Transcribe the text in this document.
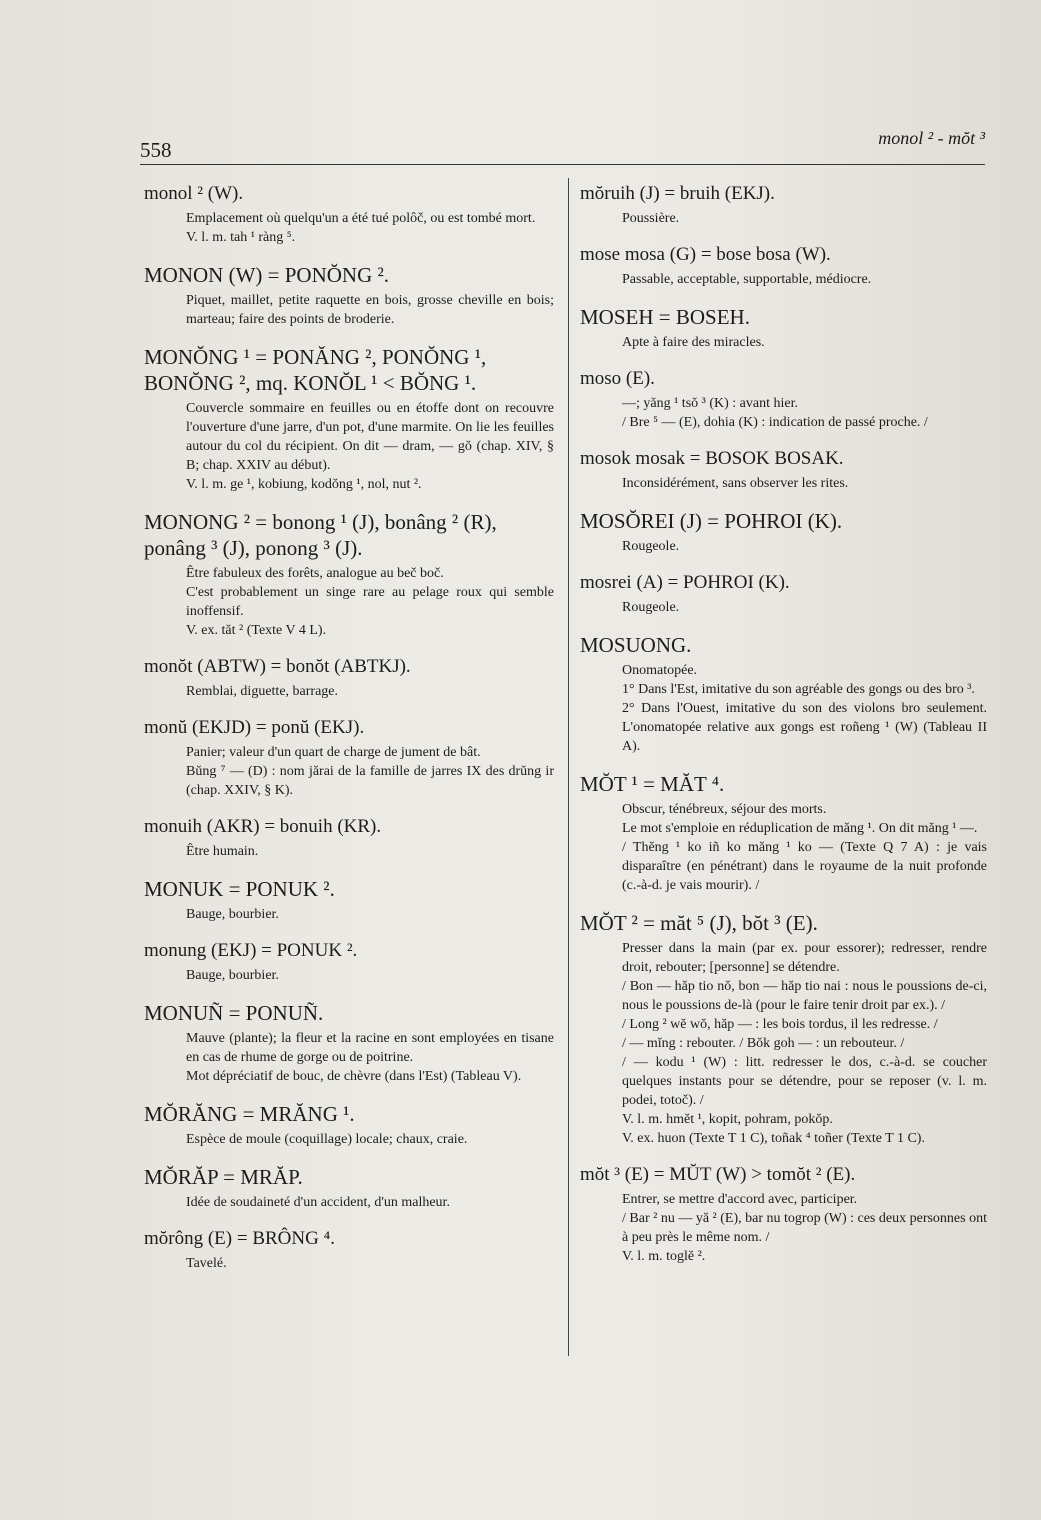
558	monol ² - mŏt ³
monol ² (W).

Emplacement où quelqu'un a été tué polôč, ou est tombé mort.

V. l. m. tah ¹ ràng ⁵.

MONON (W) = PONŎNG ².

Piquet, maillet, petite raquette en bois, grosse cheville en bois; marteau; faire des points de broderie.

MONŎNG ¹ = PONĂNG ², PONŎNG ¹, BONŎNG ², mq. KONŎL ¹ < BŎNG ¹.

Couvercle sommaire en feuilles ou en étoffe dont on recouvre l'ouverture d'une jarre, d'un pot, d'une marmite. On lie les feuilles autour du col du récipient. On dit — dram, — gŏ (chap. XIV, § B; chap. XXIV au début).

V. l. m. ge ¹, kobiung, kodŏng ¹, nol, nut ².

MONONG ² = bonong ¹ (J), bonâng ² (R), ponâng ³ (J), ponong ³ (J).

Être fabuleux des forêts, analogue au beč boč.

C'est probablement un singe rare au pelage roux qui semble inoffensif.

V. ex. tăt ² (Texte V 4 L).

monŏt (ABTW) = bonŏt (ABTKJ).

Remblai, diguette, barrage.

monŭ (EKJD) = ponŭ (EKJ).

Panier; valeur d'un quart de charge de jument de bât.

Bŭng ⁷ — (D) : nom jărai de la famille de jarres IX des drŭng ir (chap. XXIV, § K).

monuih (AKR) = bonuih (KR).

Être humain.

MONUK = PONUK ².

Bauge, bourbier.

monung (EKJ) = PONUK ².

Bauge, bourbier.

MONUÑ = PONUÑ.

Mauve (plante); la fleur et la racine en sont employées en tisane en cas de rhume de gorge ou de poitrine.

Mot dépréciatif de bouc, de chèvre (dans l'Est) (Tableau V).

MŎRĂNG = MRĂNG ¹.

Espèce de moule (coquillage) locale; chaux, craie.

MŎRĂP = MRĂP.

Idée de soudaineté d'un accident, d'un malheur.

mŏrông (E) = BRÔNG ⁴.

Tavelé.

mŏruih (J) = bruih (EKJ).

Poussière.

mose mosa (G) = bose bosa (W).

Passable, acceptable, supportable, médiocre.

MOSEH = BOSEH.

Apte à faire des miracles.

moso (E).

—; yăng ¹ tsŏ ³ (K) : avant hier.

/ Bre ⁵ — (E), dohia (K) : indication de passé proche. /

mosok mosak = BOSOK BOSAK.

Inconsidérément, sans observer les rites.

MOSŎREI (J) = POHROI (K).

Rougeole.

mosrei (A) = POHROI (K).

Rougeole.

MOSUONG.

Onomatopée.

1° Dans l'Est, imitative du son agréable des gongs ou des bro ³.

2° Dans l'Ouest, imitative du son des violons bro seulement. L'onomatopée relative aux gongs est roñeng ¹ (W) (Tableau II A).

MŎT ¹ = MĂT ⁴.

Obscur, ténébreux, séjour des morts.

Le mot s'emploie en réduplication de măng ¹. On dit măng ¹ —.

/ Thĕng ¹ ko iñ ko măng ¹ ko — (Texte Q 7 A) : je vais disparaître (en pénétrant) dans le royaume de la nuit profonde (c.-à-d. je vais mourir). /

MŎT ² = măt ⁵ (J), bŏt ³ (E).

Presser dans la main (par ex. pour essorer); redresser, rendre droit, rebouter; [personne] se détendre.

/ Bon — hăp tio nŏ, bon — hăp tio nai : nous le poussions de-ci, nous le poussions de-là (pour le faire tenir droit par ex.). /

/ Long ² wĕ wŏ, hăp — : les bois tordus, il les redresse. /

/ — mĭng : rebouter. / Bŏk goh — : un rebouteur. /

/ — kodu ¹ (W) : litt. redresser le dos, c.-à-d. se coucher quelques instants pour se détendre, pour se reposer (v. l. m. podei, totoč). /

V. l. m. hmĕt ¹, kopit, pohram, pokŏp.

V. ex. huon (Texte T 1 C), toñak ⁴ toñer (Texte T 1 C).

mŏt ³ (E) = MŬT (W) > tomŏt ² (E).

Entrer, se mettre d'accord avec, participer.

/ Bar ² nu — yă ² (E), bar nu togrop (W) : ces deux personnes ont à peu près le même nom. /

V. l. m. toglĕ ².
